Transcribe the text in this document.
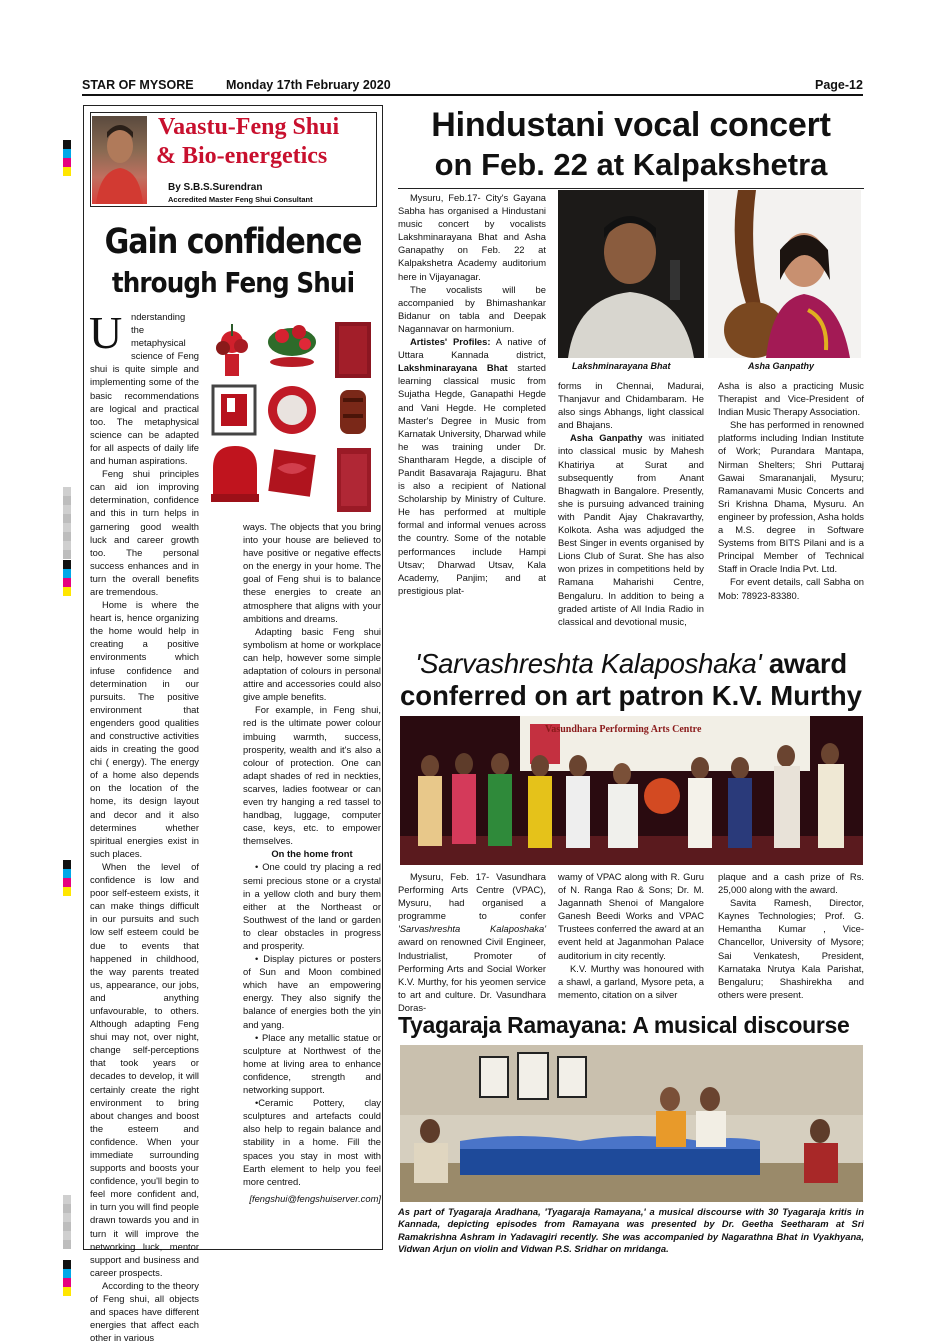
STAR OF MYSORE	Monday 17th February 2020	Page-12
Vaastu-Feng Shui
& Bio-energetics
By S.B.S.Surendran
Accredited Master Feng Shui Consultant
Gain confidence
through Feng Shui
U nderstanding the metaphysical science of Feng shui is quite simple and implementing some of the basic recommendations are logical and practical too. The metaphysical science can be adapted for all aspects of daily life and human aspirations.

Feng shui principles can aid ion improving determination, confidence and this in turn helps in garnering good wealth luck and career growth too. The personal success enhances and in turn the overall benefits are tremendous.

Home is where the heart is, hence organizing the home would help in creating a positive environments which infuse confidence and determination in our pursuits. The positive environment that engenders good qualities and constructive activities aids in creating the good chi ( energy). The energy of a home also depends on the location of the home, its design layout and decor and it also determines whether spiritual energies exist in such places.

When the level of confidence is low and poor self-esteem exists, it can make things difficult in our pursuits and such low self esteem could be due to events that happened in childhood, the way parents treated us, appearance, our jobs, and anything unfavourable, to others. Although adapting Feng shui may not, over night, change self-perceptions that took years or decades to develop, it will certainly create the right environment to bring about changes and boost the esteem and confidence. When your immediate surrounding supports and boosts your confidence, you'll begin to feel more confident and, in turn you will find people drawn towards you and in turn it will improve the networking luck, mentor support and business and career prospects.

According to the theory of Feng shui, all objects and spaces have different energies that affect each other in various

ways. The objects that you bring into your house are believed to have positive or negative effects on the energy in your home. The goal of Feng shui is to balance these energies to create an atmosphere that aligns with your ambitions and dreams.

Adapting basic Feng shui symbolism at home or workplace can help, however some simple adaptation of colours in personal attire and accessories could also give ample benefits.

For example, in Feng shui, red is the ultimate power colour imbuing warmth, success, prosperity, wealth and it's also a colour of protection. One can adapt shades of red in neckties, scarves, ladies footwear or can even try hanging a red tassel to handbag, luggage, computer case, keys, etc. to empower themselves.

On the home front

• One could try placing a red semi precious stone or a crystal in a yellow cloth and bury them either at the Northeast or Southwest of the land or garden to clear obstacles in progress and prosperity.

• Display pictures or posters of Sun and Moon combined which have an empowering energy. They also signify the balance of energies both the yin and yang.

• Place any metallic statue or sculpture at Northwest of the home at living area to enhance confidence, strength and networking support.

•Ceramic Pottery, clay sculptures and artefacts could also help to regain balance and stability in a home. Fill the spaces you stay in most with Earth element to help you feel more centred.

[fengshui@fengshuiserver.com]

Hindustani vocal concert
on Feb. 22 at Kalpakshetra
Lakshminarayana Bhat	Asha Ganpathy

Mysuru, Feb.17- City's Gayana Sabha has organised a Hindustani music concert by vocalists Lakshminarayana Bhat and Asha Ganapathy on Feb. 22 at Kalpakshetra Academy auditorium here in Vijayanagar.

The vocalists will be accompanied by Bhimashankar Bidanur on tabla and Deepak Nagannavar on harmonium.

Artistes' Profiles: A native of Uttara Kannada district, Lakshminarayana Bhat started learning classical music from Sujatha Hegde, Ganapathi Hegde and Vani Hegde. He completed Master's Degree in Music from Karnatak University, Dharwad while he was training under Dr. Shantharam Hegde, a disciple of Pandit Basavaraja Rajaguru. Bhat is also a recipient of National Scholarship by Ministry of Culture. He has performed at multiple formal and informal venues across the country. Some of the notable performances include Hampi Utsav; Dharwad Utsav, Kala Academy, Panjim; and at prestigious plat-

forms in Chennai, Madurai, Thanjavur and Chidambaram. He also sings Abhangs, light classical and Bhajans.

Asha Ganpathy was initiated into classical music by Mahesh Khatiriya at Surat and subsequently from Anant Bhagwath in Bangalore. Presently, she is pursuing advanced training with Pandit Ajay Chakravarthy, Kolkota. Asha was adjudged the Best Singer in events organised by Lions Club of Surat. She has also won prizes in competitions held by Ramana Maharishi Centre, Bengaluru. In addition to being a graded artiste of All India Radio in classical and devotional music,

Asha is also a practicing Music Therapist and Vice-President of Indian Music Therapy Association.

She has performed in renowned platforms including Indian Institute of Work; Purandara Mantapa, Nirman Shelters; Shri Puttaraj Gawai Smarananjali, Mysuru; Ramanavami Music Concerts and Sri Krishna Dhama, Mysuru. An engineer by profession, Asha holds a M.S. degree in Software Systems from BITS Pilani and is a Principal Member of Technical Staff in Oracle India Pvt. Ltd.

For event details, call Sabha on Mob: 78923-83380.

'Sarvashreshta Kalaposhaka' award
conferred on art patron K.V. Murthy
Vasundhara Performing Arts Centre

Mysuru, Feb. 17- Vasundhara Performing Arts Centre (VPAC), Mysuru, had organised a programme to confer 'Sarvashreshta Kalaposhaka' award on renowned Civil Engineer, Industrialist, Promoter of Performing Arts and Social Worker K.V. Murthy, for his yeomen service to art and culture. Dr. Vasundhara Doras-

wamy of VPAC along with R. Guru of N. Ranga Rao & Sons; Dr. M. Jagannath Shenoi of Mangalore Ganesh Beedi Works and VPAC Trustees conferred the award at an event held at Jaganmohan Palace auditorium in city recently.

K.V. Murthy was honoured with a shawl, a garland, Mysore peta, a memento, citation on a silver

plaque and a cash prize of Rs. 25,000 along with the award.

Savita Ramesh, Director, Kaynes Technologies; Prof. G. Hemantha Kumar , Vice-Chancellor, University of Mysore; Sai Venkatesh, President, Karnataka Nrutya Kala Parishat, Bengaluru; Shashirekha and others were present.

Tyagaraja Ramayana: A musical discourse
As part of Tyagaraja Aradhana, 'Tyagaraja Ramayana,' a musical discourse with 30 Tyagaraja kritis in Kannada, depicting episodes from Ramayana was presented by Dr. Geetha Seetharam at Sri Ramakrishna Ashram in Yadavagiri recently. She was accompanied by Nagarathna Bhat in Vyakhyana, Vidwan Arjun on violin and Vidwan P.S. Sridhar on mridanga.
